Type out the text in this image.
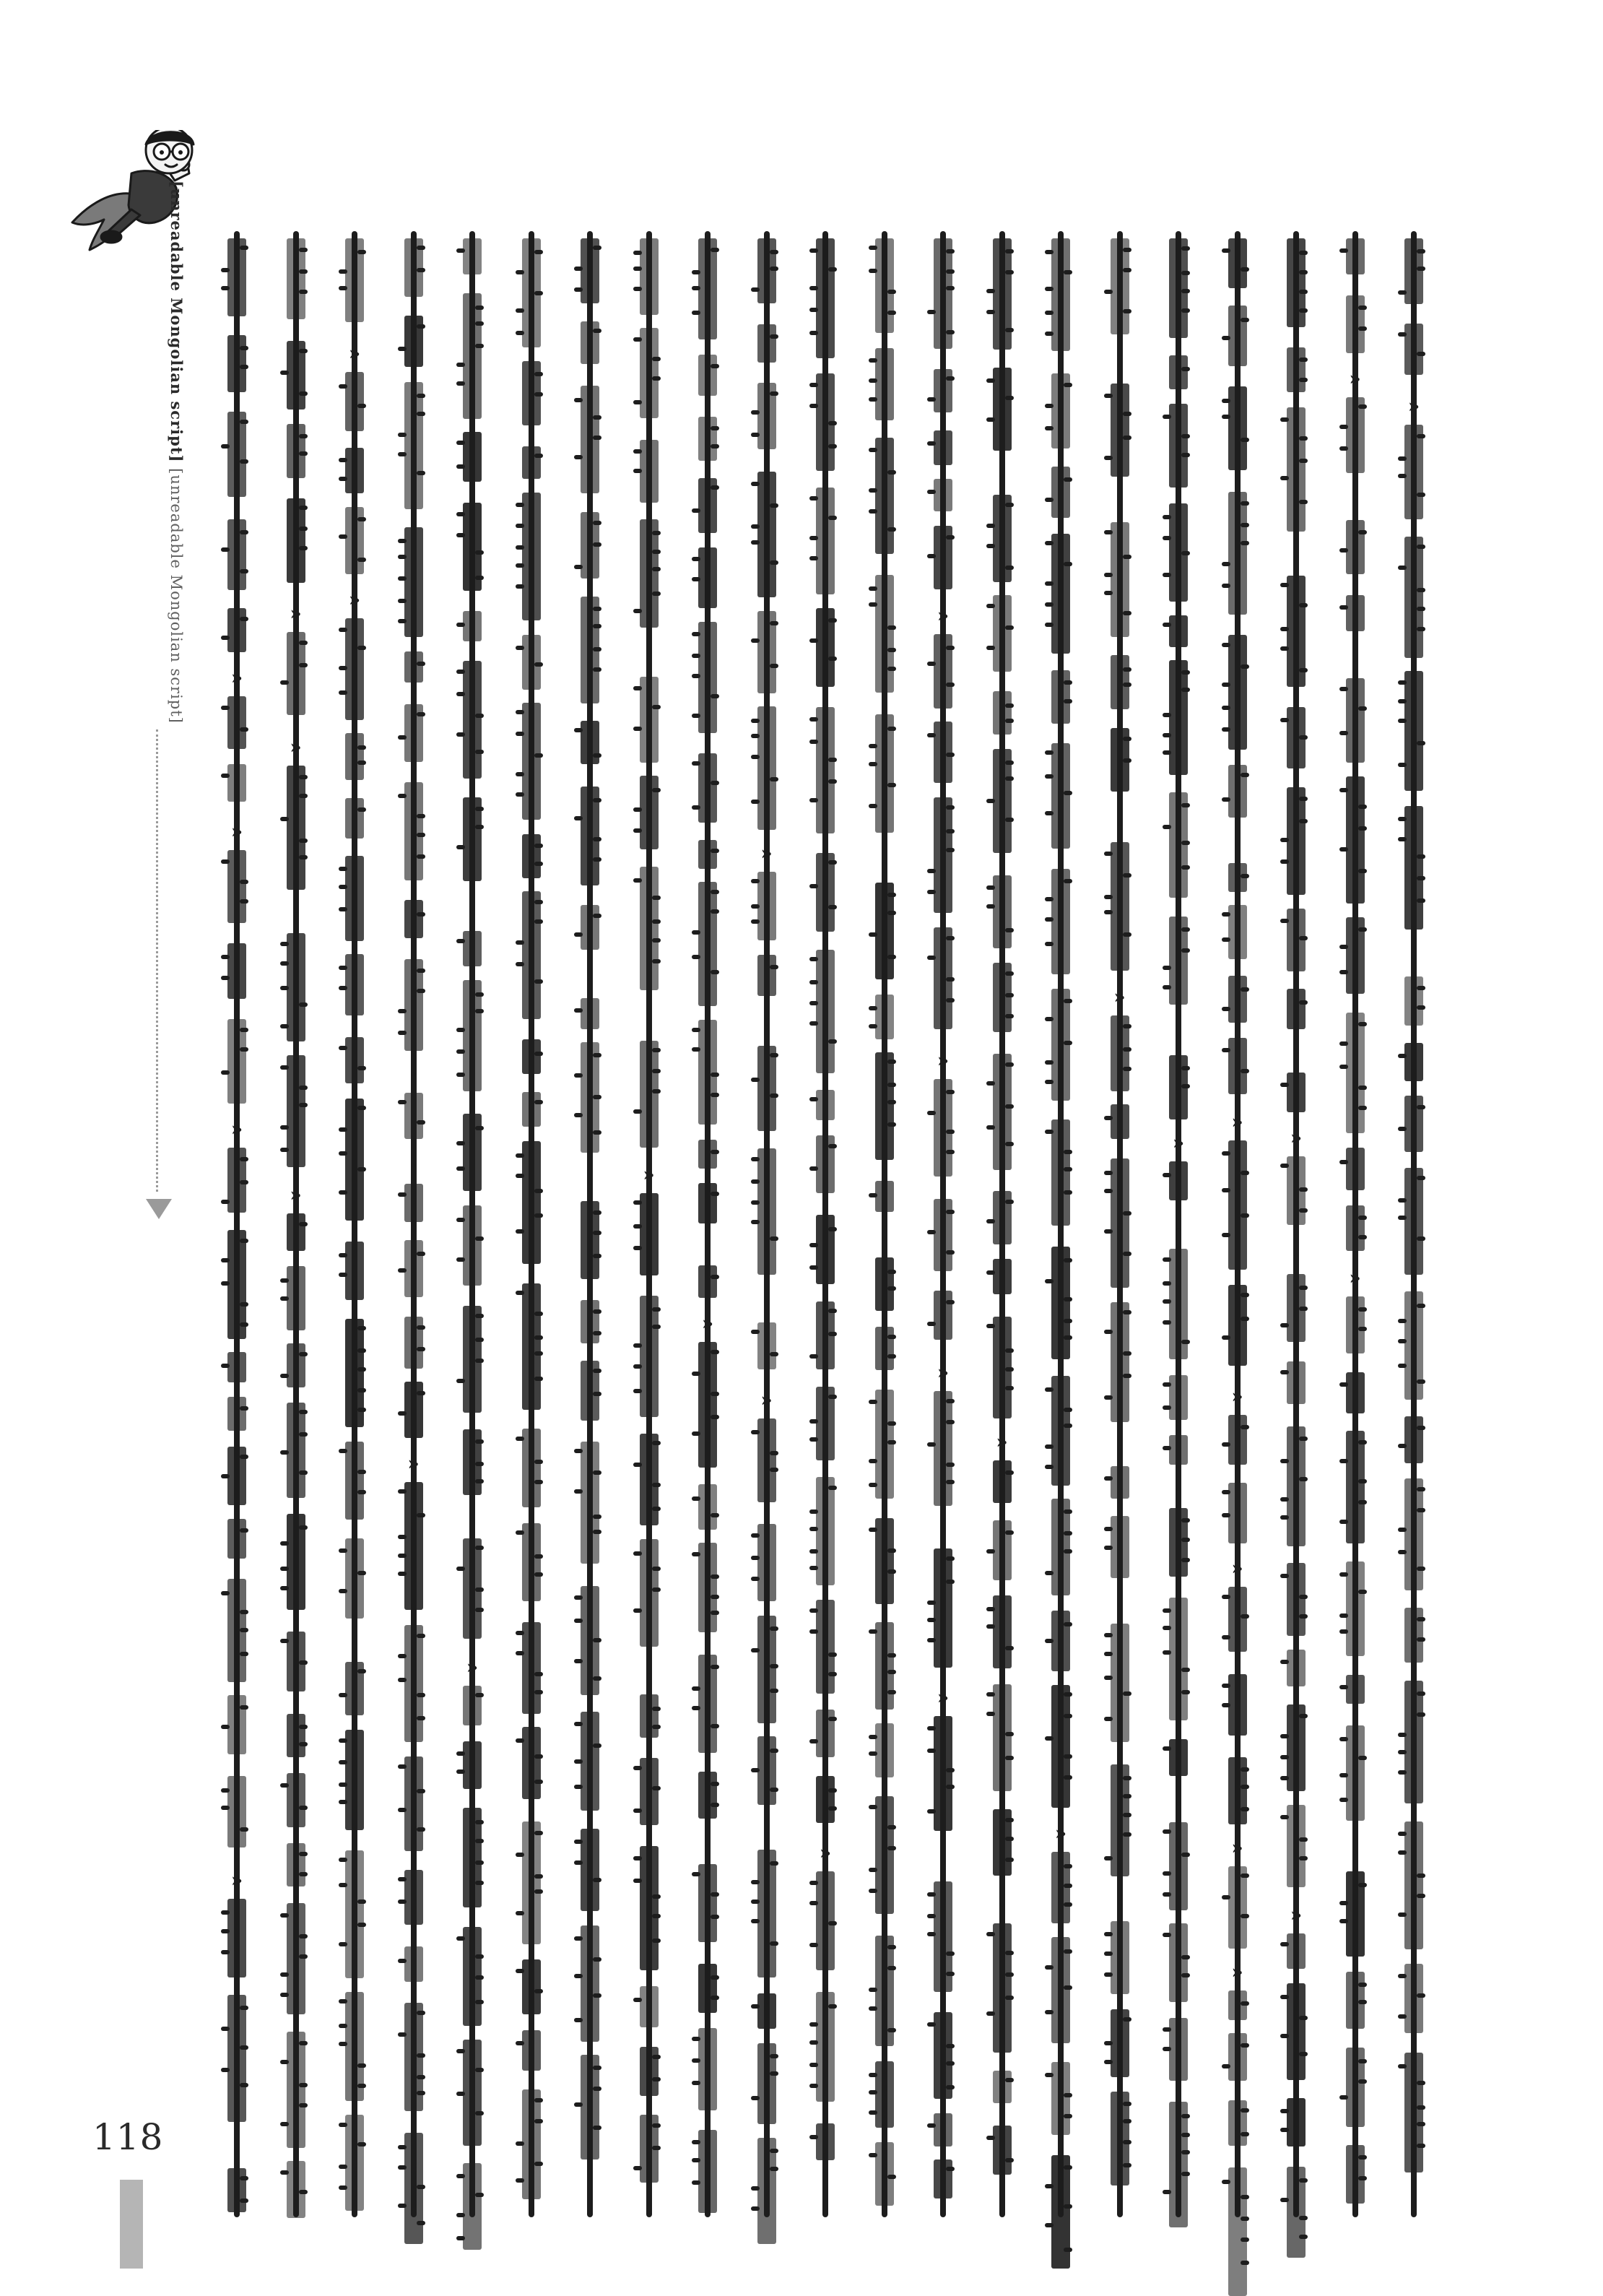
118
[unreadable Mongolian script] [unreadable Mongolian script]	»
»
»
»
·
»
»
·
»
»
»
·
·
·
»
·
·
»
·
·
·
·
»
·
·
»
·
»
·
·
»
·
»
·
·
»
»
»
·
»
·
·
»
·
»
·
·
·
»
·
·
·
·
»
·
·
·
·
»
»
»
»
»
·
·
»
·
»
»
·
·
»
·
»
·
